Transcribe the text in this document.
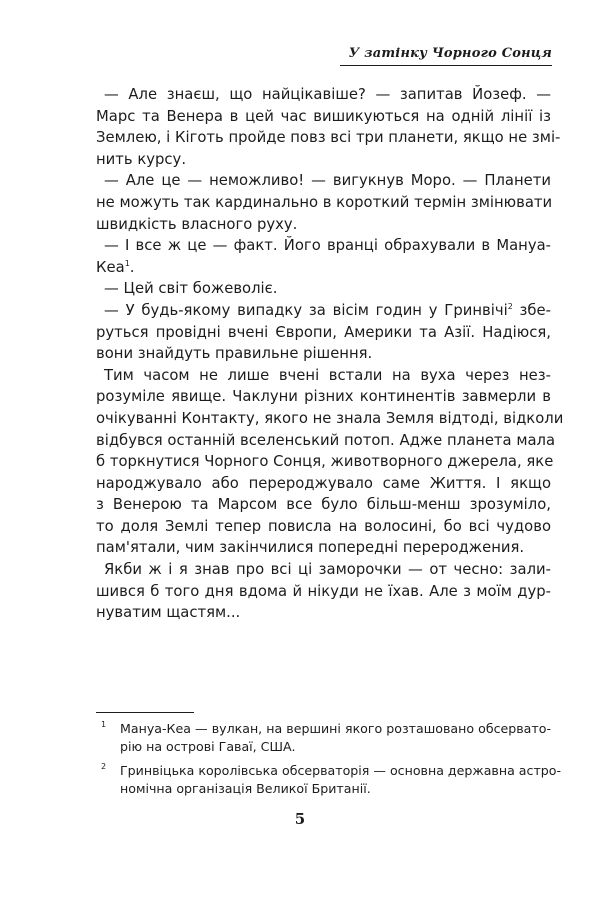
У затінку Чорного Сонця
— Але знаєш, що найцікавіше? — запитав Йозеф. —
Марс та Венера в цей час вишикуються на одній лінії із
Землею, і Кіготь пройде повз всі три планети, якщо не змі-
нить курсу.
— Але це — неможливо! — вигукнув Моро. — Планети
не можуть так кардинально в короткий термін змінювати
швидкість власного руху.
— І все ж це — факт. Його вранці обрахували в Мануа-
Кеа$^1$.
— Цей світ божеволіє.
— У будь-якому випадку за вісім годин у Гринвічі$^2$ збе-
руться провідні вчені Європи, Америки та Азії. Надіюся,
вони знайдуть правильне рішення.
Тим часом не лише вчені встали на вуха через нез-
розуміле явище. Чаклуни різних континентів завмерли в
очікуванні Контакту, якого не знала Земля відтоді, відколи
відбувся останній вселенський потоп. Адже планета мала
б торкнутися Чорного Сонця, животворного джерела, яке
народжувало або перероджувало саме Життя. І якщо
з Венерою та Марсом все було більш-менш зрозуміло,
то доля Землі тепер повисла на волосині, бо всі чудово
пам'ятали, чим закінчилися попередні перероджения.
Якби ж і я знав про всі ці заморочки — от чесно: зали-
шився б того дня вдома й нікуди не їхав. Але з моїм дур-
нуватим щастям...
1	Мануа-Кеа — вулкан, на вершині якого розташовано обсервато-
рію на острові Гаваї, США.
2	Гринвіцька королівська обсерваторія — основна державна астро-
номічна організація Великої Британії.
5
